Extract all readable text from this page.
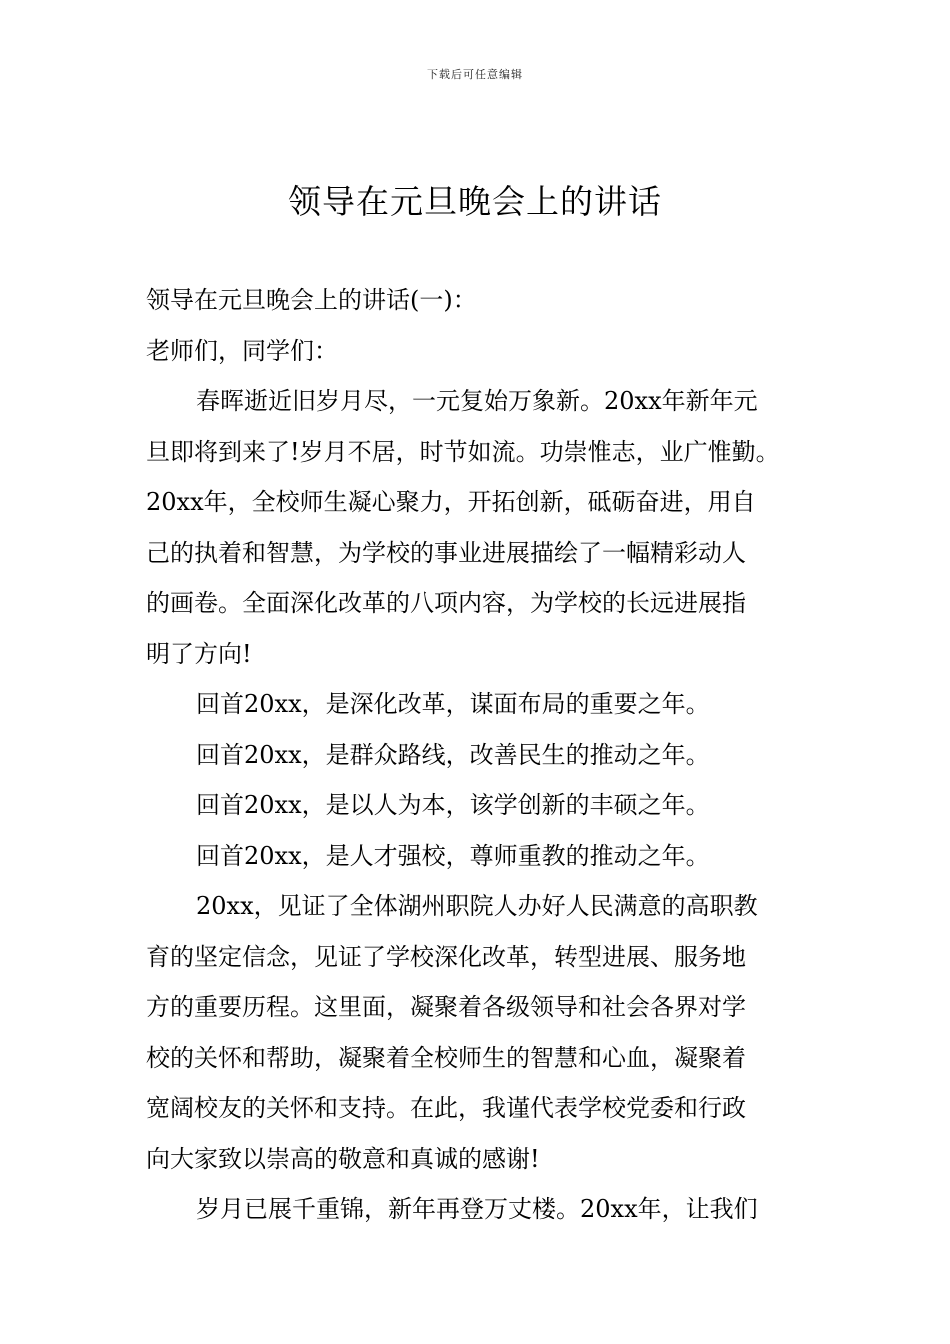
下载后可任意编辑
领导在元旦晚会上的讲话
领导在元旦晚会上的讲话(一)：
老师们，同学们：
春晖逝近旧岁月尽，一元复始万象新。20xx年新年元
旦即将到来了!岁月不居，时节如流。功崇惟志，业广惟勤。
20xx年，全校师生凝心聚力，开拓创新，砥砺奋进，用自
己的执着和智慧，为学校的事业进展描绘了一幅精彩动人
的画卷。全面深化改革的八项内容，为学校的长远进展指
明了方向!
回首20xx，是深化改革，谋面布局的重要之年。
回首20xx，是群众路线，改善民生的推动之年。
回首20xx，是以人为本，该学创新的丰硕之年。
回首20xx，是人才强校，尊师重教的推动之年。
20xx，见证了全体湖州职院人办好人民满意的高职教
育的坚定信念，见证了学校深化改革，转型进展、服务地
方的重要历程。这里面，凝聚着各级领导和社会各界对学
校的关怀和帮助，凝聚着全校师生的智慧和心血，凝聚着
宽阔校友的关怀和支持。在此，我谨代表学校党委和行政
向大家致以崇高的敬意和真诚的感谢!
岁月已展千重锦，新年再登万丈楼。20xx年，让我们
